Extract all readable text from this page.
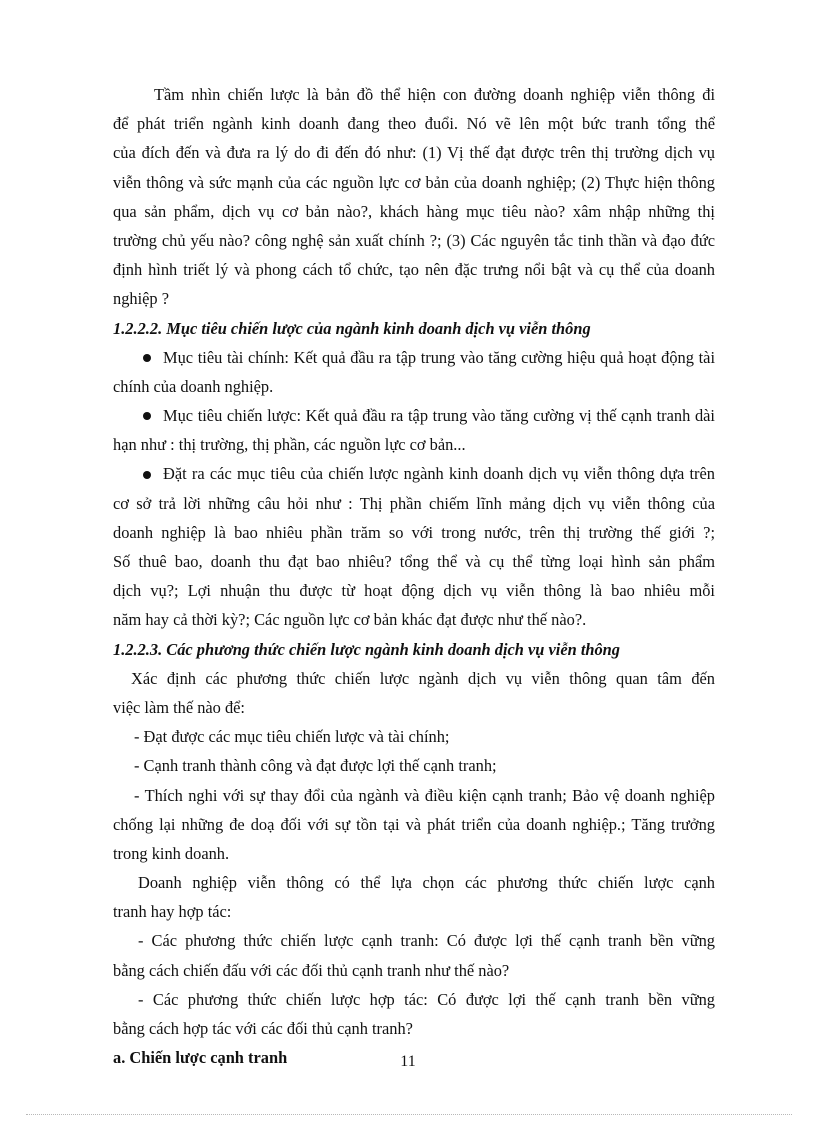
Tầm nhìn chiến lược là bản đồ thể hiện con đường doanh nghiệp viễn thông đi
để phát triển ngành kinh doanh đang theo đuổi. Nó vẽ lên một bức tranh tổng thể
của đích đến và đưa ra lý do đi đến đó như: (1) Vị thế đạt được trên thị trường dịch vụ
viễn thông và sức mạnh của các nguồn lực cơ bản của doanh nghiệp; (2) Thực hiện thông
qua sản phẩm, dịch vụ cơ bản nào?, khách hàng mục tiêu nào? xâm nhập những thị
trường chủ yếu nào? công nghệ sản xuất chính ?; (3) Các nguyên tắc tinh thần và đạo đức
định hình triết lý và phong cách tổ chức, tạo nên đặc trưng nổi bật và cụ thể của doanh
nghiệp ?
1.2.2.2. Mục tiêu chiến lược của ngành kinh doanh dịch vụ viễn thông
Mục tiêu tài chính: Kết quả đầu ra tập trung vào tăng cường hiệu quả hoạt động tài
chính của doanh nghiệp.
Mục tiêu chiến lược: Kết quả đầu ra tập trung vào tăng cường vị thế cạnh tranh dài
hạn như : thị trường, thị phần, các nguồn lực cơ bản...
Đặt ra các mục tiêu của chiến lược ngành kinh doanh dịch vụ viễn thông dựa trên
cơ sở trả lời những câu hỏi như : Thị phần chiếm lĩnh mảng dịch vụ viễn thông của
doanh nghiệp là bao nhiêu phần trăm so với trong nước, trên thị trường thế giới ?;
Số thuê bao, doanh thu đạt bao nhiêu? tổng thể và cụ thể từng loại hình sản phẩm
dịch vụ?; Lợi nhuận thu được từ hoạt động dịch vụ viễn thông là bao nhiêu mỗi
năm hay cả thời kỳ?; Các nguồn lực cơ bản khác đạt được như thế nào?.
1.2.2.3. Các phương thức chiến lược ngành kinh doanh dịch vụ viễn thông
Xác định các phương thức chiến lược ngành dịch vụ viễn thông quan tâm đến
việc làm thế nào để:
- Đạt được các mục tiêu chiến lược và tài chính;
- Cạnh tranh thành công và đạt được lợi thế cạnh tranh;
- Thích nghi với sự thay đổi của ngành và điều kiện cạnh tranh; Bảo vệ doanh nghiệp
chống lại những đe doạ đối với sự tồn tại và phát triển của doanh nghiệp.; Tăng trưởng
trong kinh doanh.
Doanh nghiệp viễn thông có thể lựa chọn các phương thức chiến lược cạnh
tranh hay hợp tác:
- Các phương thức chiến lược cạnh tranh: Có được lợi thế cạnh tranh bền vững
bằng cách chiến đấu với các đối thủ cạnh tranh như thế nào?
- Các phương thức chiến lược hợp tác: Có được lợi thế cạnh tranh bền vững
bằng cách hợp tác với các đối thủ cạnh tranh?
a. Chiến lược cạnh tranh	11
